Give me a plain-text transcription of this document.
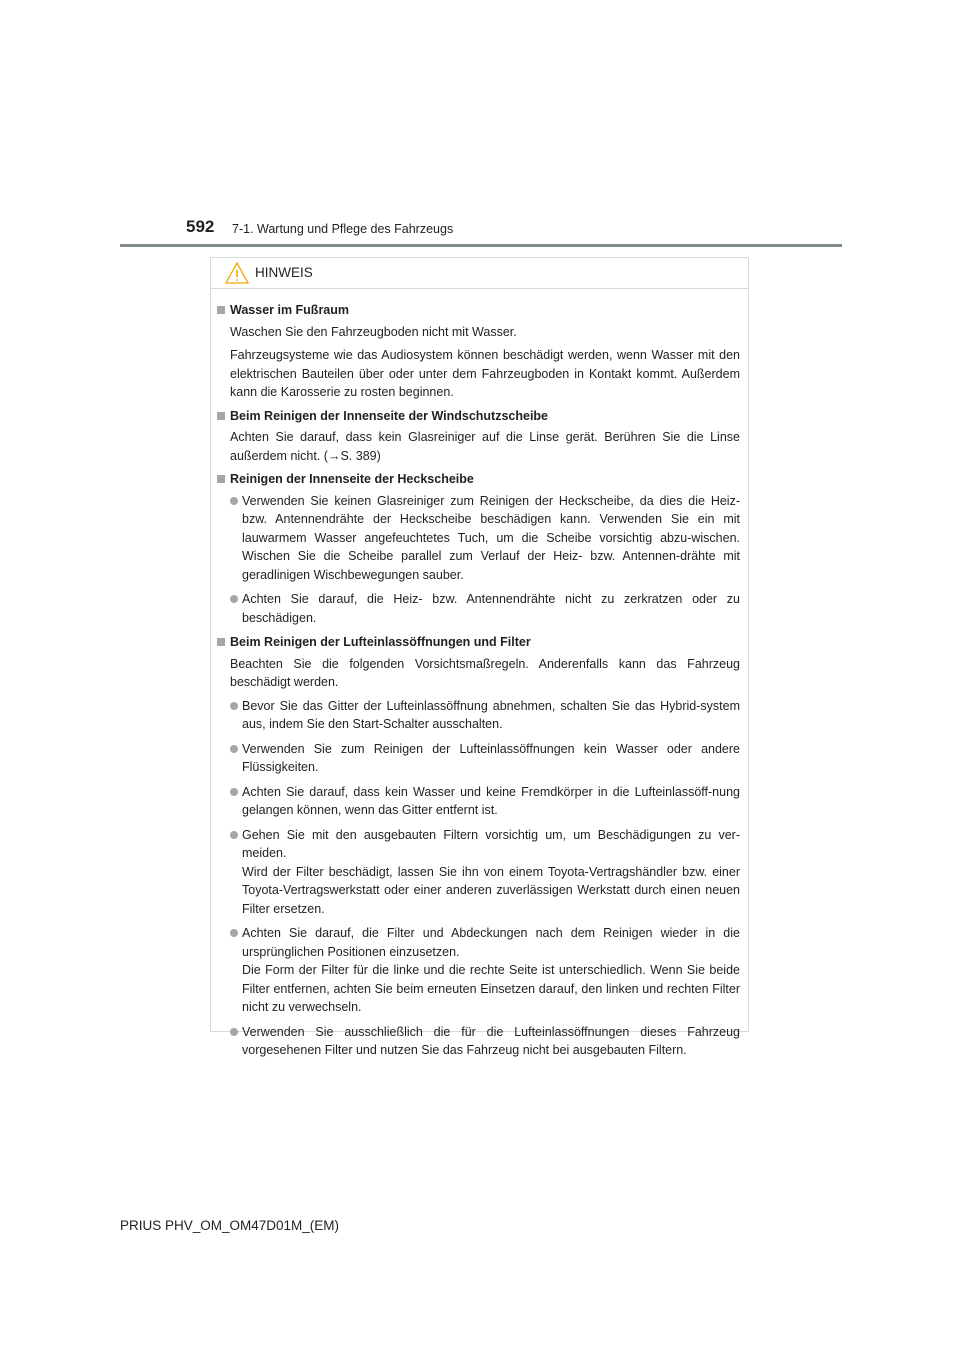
592 7-1. Wartung und Pflege des Fahrzeugs
HINWEIS
Wasser im Fußraum
Waschen Sie den Fahrzeugboden nicht mit Wasser.
Fahrzeugsysteme wie das Audiosystem können beschädigt werden, wenn Wasser mit den elektrischen Bauteilen über oder unter dem Fahrzeugboden in Kontakt kommt. Außerdem kann die Karosserie zu rosten beginnen.
Beim Reinigen der Innenseite der Windschutzscheibe
Achten Sie darauf, dass kein Glasreiniger auf die Linse gerät. Berühren Sie die Linse außerdem nicht. (→S. 389)
Reinigen der Innenseite der Heckscheibe
Verwenden Sie keinen Glasreiniger zum Reinigen der Heckscheibe, da dies die Heiz- bzw. Antennendrähte der Heckscheibe beschädigen kann. Verwenden Sie ein mit lauwarmem Wasser angefeuchtetes Tuch, um die Scheibe vorsichtig abzu-wischen. Wischen Sie die Scheibe parallel zum Verlauf der Heiz- bzw. Antennen-drähte mit geradlinigen Wischbewegungen sauber.
Achten Sie darauf, die Heiz- bzw. Antennendrähte nicht zu zerkratzen oder zu beschädigen.
Beim Reinigen der Lufteinlassöffnungen und Filter
Beachten Sie die folgenden Vorsichtsmaßregeln. Anderenfalls kann das Fahrzeug beschädigt werden.
Bevor Sie das Gitter der Lufteinlassöffnung abnehmen, schalten Sie das Hybrid-system aus, indem Sie den Start-Schalter ausschalten.
Verwenden Sie zum Reinigen der Lufteinlassöffnungen kein Wasser oder andere Flüssigkeiten.
Achten Sie darauf, dass kein Wasser und keine Fremdkörper in die Lufteinlassöff-nung gelangen können, wenn das Gitter entfernt ist.
Gehen Sie mit den ausgebauten Filtern vorsichtig um, um Beschädigungen zu ver-meiden.
Wird der Filter beschädigt, lassen Sie ihn von einem Toyota-Vertragshändler bzw. einer Toyota-Vertragswerkstatt oder einer anderen zuverlässigen Werkstatt durch einen neuen Filter ersetzen.
Achten Sie darauf, die Filter und Abdeckungen nach dem Reinigen wieder in die ursprünglichen Positionen einzusetzen.
Die Form der Filter für die linke und die rechte Seite ist unterschiedlich. Wenn Sie beide Filter entfernen, achten Sie beim erneuten Einsetzen darauf, den linken und rechten Filter nicht zu verwechseln.
Verwenden Sie ausschließlich die für die Lufteinlassöffnungen dieses Fahrzeug vorgesehenen Filter und nutzen Sie das Fahrzeug nicht bei ausgebauten Filtern.
PRIUS PHV_OM_OM47D01M_(EM)
